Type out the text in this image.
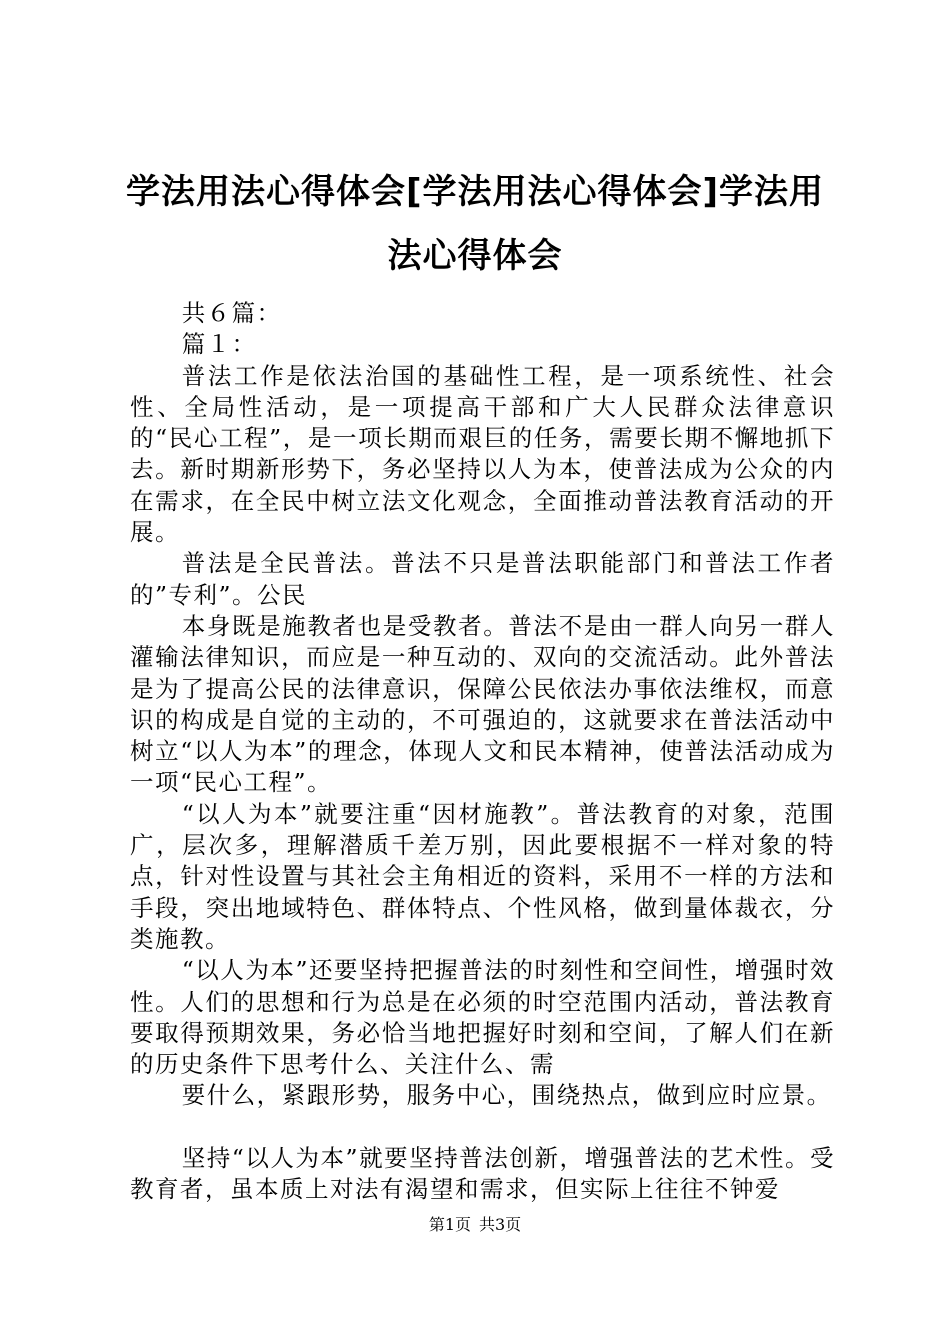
学法用法心得体会[学法用法心得体会]学法用法心得体会

共６篇：

篇１：

普法工作是依法治国的基础性工程，是一项系统性、社会性、全局性活动，是一项提高干部和广大人民群众法律意识的“民心工程”，是一项长期而艰巨的任务，需要长期不懈地抓下去。新时期新形势下，务必坚持以人为本，使普法成为公众的内在需求，在全民中树立法文化观念，全面推动普法教育活动的开展。

普法是全民普法。普法不只是普法职能部门和普法工作者的”专利”。公民

本身既是施教者也是受教者。普法不是由一群人向另一群人灌输法律知识，而应是一种互动的、双向的交流活动。此外普法是为了提高公民的法律意识，保障公民依法办事依法维权，而意识的构成是自觉的主动的，不可强迫的，这就要求在普法活动中树立“以人为本”的理念，体现人文和民本精神，使普法活动成为一项“民心工程”。

“以人为本”就要注重“因材施教”。普法教育的对象，范围广，层次多，理解潜质千差万别，因此要根据不一样对象的特点，针对性设置与其社会主角相近的资料，采用不一样的方法和手段，突出地域特色、群体特点、个性风格，做到量体裁衣，分类施教。

“以人为本”还要坚持把握普法的时刻性和空间性，增强时效性。人们的思想和行为总是在必须的时空范围内活动，普法教育要取得预期效果，务必恰当地把握好时刻和空间，了解人们在新的历史条件下思考什么、关注什么、需

要什么，紧跟形势，服务中心，围绕热点，做到应时应景。

坚持“以人为本”就要坚持普法创新，增强普法的艺术性。受教育者，虽本质上对法有渴望和需求，但实际上往往不钟爱

第1页 共3页
